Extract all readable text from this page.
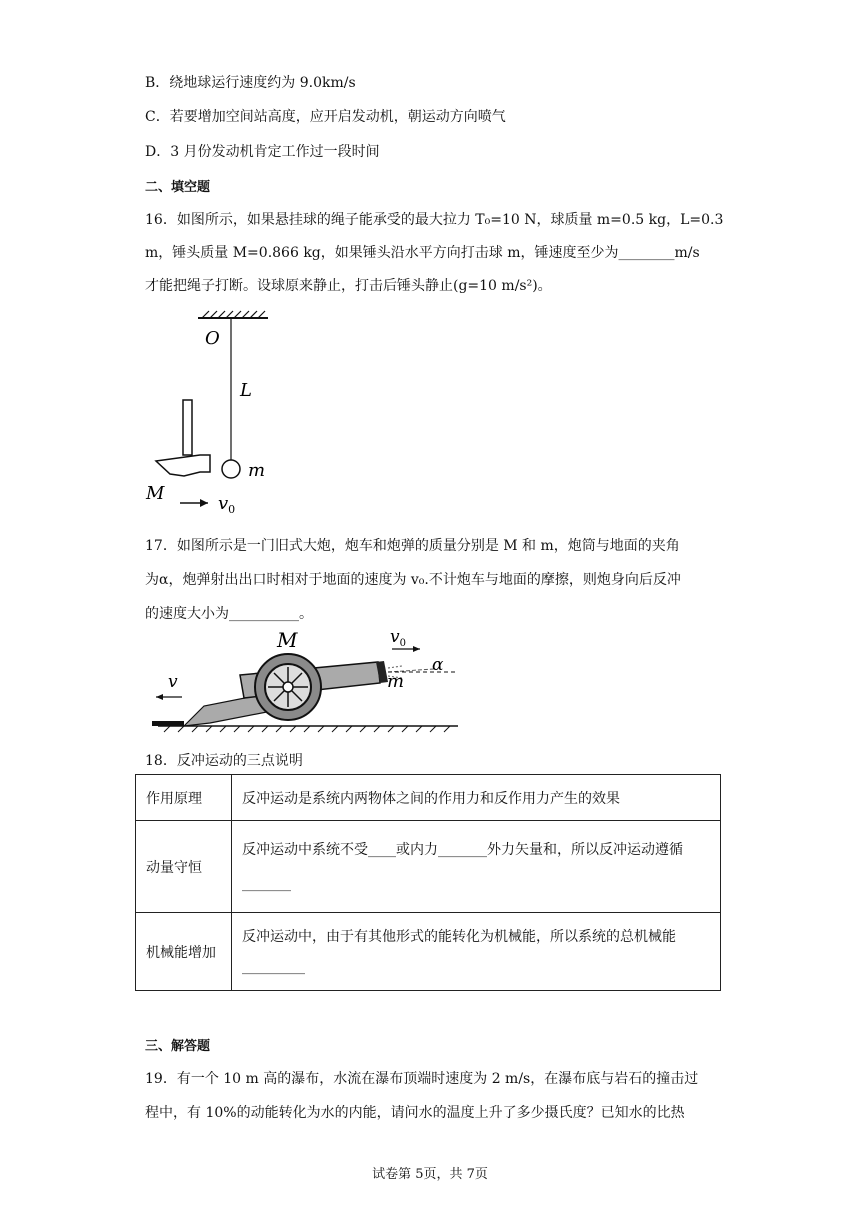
B．绕地球运行速度约为 9.0km/s
C．若要增加空间站高度，应开启发动机，朝运动方向喷气
D．3 月份发动机肯定工作过一段时间
二、填空题
16．如图所示，如果悬挂球的绳子能承受的最大拉力 T₀=10 N，球质量 m=0.5 kg，L=0.3
m，锤头质量 M=0.866 kg，如果锤头沿水平方向打击球 m，锤速度至少为________m/s
才能把绳子打断。设球原来静止，打击后锤头静止(g=10 m/s²)。
O
L
m
M	$v_0$
17．如图所示是一门旧式大炮，炮车和炮弹的质量分别是 M 和 m，炮筒与地面的夹角
为α，炮弹射出出口时相对于地面的速度为 v₀.不计炮车与地面的摩擦，则炮身向后反冲
的速度大小为__________。
M
m
$v_0$
α
v
18．反冲运动的三点说明
作用原理	反冲运动是系统内两物体之间的作用力和反作用力产生的效果
动量守恒	反冲运动中系统不受____或内力_______外力矢量和，所以反冲运动遵循
_______

机械能增加	反冲运动中，由于有其他形式的能转化为机械能，所以系统的总机械能
_________
三、解答题
19．有一个 10 m 高的瀑布，水流在瀑布顶端时速度为 2 m/s，在瀑布底与岩石的撞击过
程中，有 10%的动能转化为水的内能，请问水的温度上升了多少摄氏度？已知水的比热
试卷第 5页，共 7页
